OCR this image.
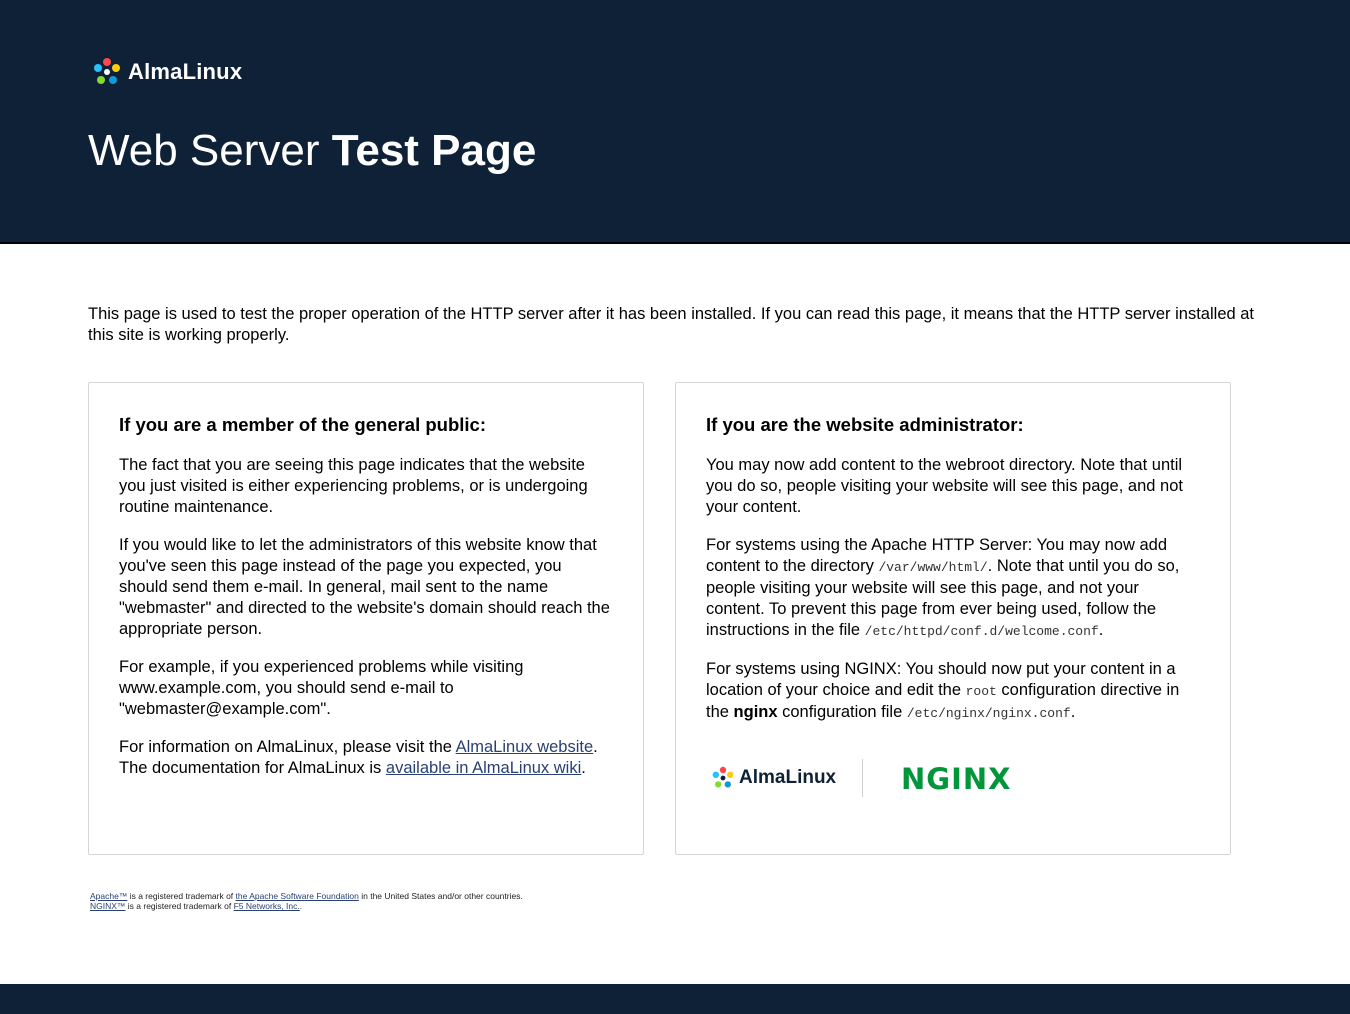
AlmaLinux
Web Server Test Page

This page is used to test the proper operation of the HTTP server after it has been installed. If you can read this page, it means that the HTTP server installed at this site is working properly.

If you are a member of the general public:

The fact that you are seeing this page indicates that the website you just visited is either experiencing problems, or is undergoing routine maintenance.

If you would like to let the administrators of this website know that you've seen this page instead of the page you expected, you should send them e-mail. In general, mail sent to the name "webmaster" and directed to the website's domain should reach the appropriate person.

For example, if you experienced problems while visiting www.example.com, you should send e-mail to "webmaster@example.com".

For information on AlmaLinux, please visit the AlmaLinux website. The documentation for AlmaLinux is available in AlmaLinux wiki.

If you are the website administrator:

You may now add content to the webroot directory. Note that until you do so, people visiting your website will see this page, and not your content.

For systems using the Apache HTTP Server: You may now add content to the directory /var/www/html/. Note that until you do so, people visiting your website will see this page, and not your content. To prevent this page from ever being used, follow the instructions in the file /etc/httpd/conf.d/welcome.conf.

For systems using NGINX: You should now put your content in a location of your choice and edit the root configuration directive in the nginx configuration file /etc/nginx/nginx.conf.

AlmaLinux NGINX
Apache™ is a registered trademark of the Apache Software Foundation in the United States and/or other countries.
NGINX™ is a registered trademark of F5 Networks, Inc..
